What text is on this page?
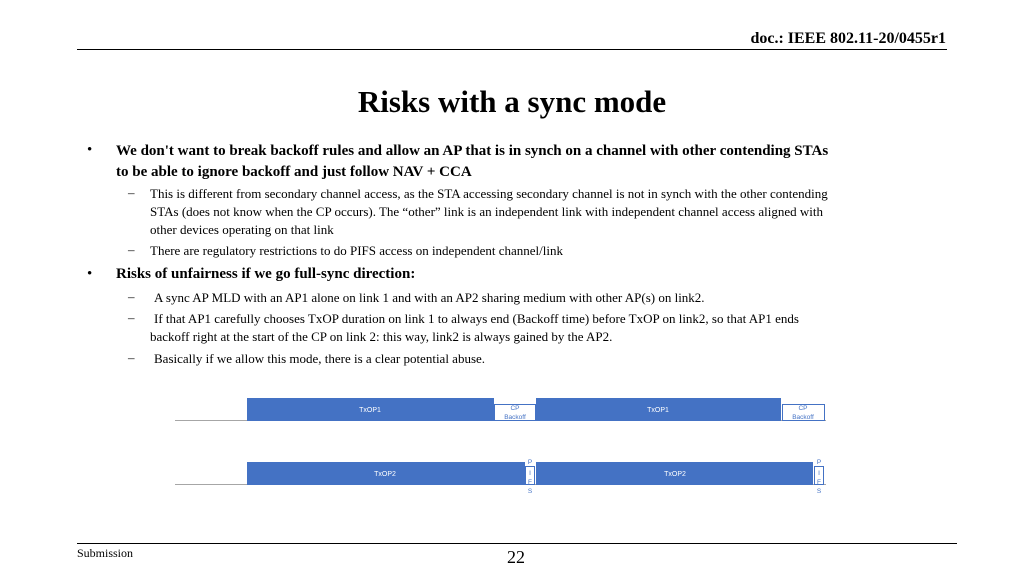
doc.: IEEE 802.11-20/0455r1
Risks with a sync mode
• We don't want to break backoff rules and allow an AP that is in synch on a channel with other contending STAs
to be able to ignore backoff and just follow NAV + CCA
– This is different from secondary channel access, as the STA accessing secondary channel is not in synch with the other contending
STAs (does not know when the CP occurs). The “other” link is an independent link with independent channel access aligned with
other devices operating on that link
– There are regulatory restrictions to do PIFS access on independent channel/link
• Risks of unfairness if we go full-sync direction:
– A sync AP MLD with an AP1 alone on link 1 and with an AP2 sharing medium with other AP(s) on link2.
–	If that AP1 carefully chooses TxOP duration on link 1 to always end (Backoff time) before TxOP on link2, so that AP1 ends
backoff right at the start of the CP on link 2: this way, link2 is always gained by the AP2.
– Basically if we allow this mode, there is a clear potential abuse.
TxOP1	CP
Backoff
TxOP1	CP
Backoff
TxOP2
P
I
F
S
TxOP2
P
I
F
S
Submission	22
